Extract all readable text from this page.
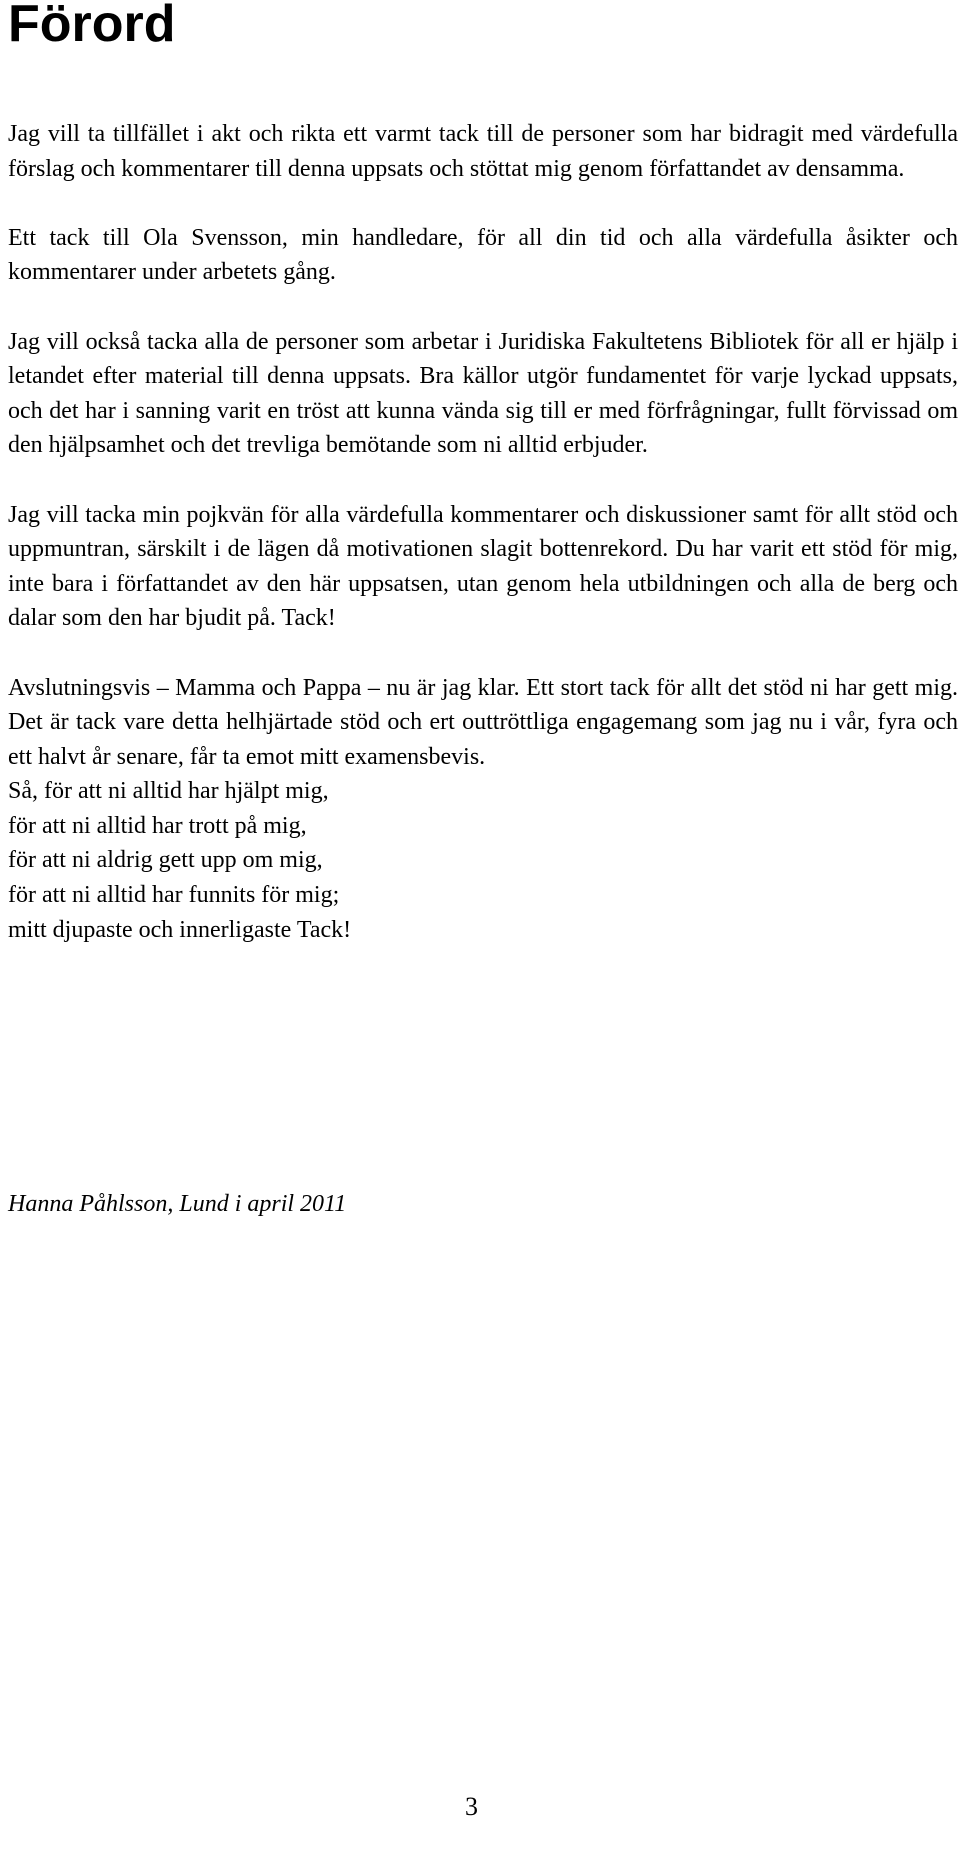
Förord

Jag vill ta tillfället i akt och rikta ett varmt tack till de personer som har bidragit med värdefulla förslag och kommentarer till denna uppsats och stöttat mig genom författandet av densamma.

Ett tack till Ola Svensson, min handledare, för all din tid och alla värdefulla åsikter och kommentarer under arbetets gång.

Jag vill också tacka alla de personer som arbetar i Juridiska Fakultetens Bibliotek för all er hjälp i letandet efter material till denna uppsats. Bra källor utgör fundamentet för varje lyckad uppsats, och det har i sanning varit en tröst att kunna vända sig till er med förfrågningar, fullt förvissad om den hjälpsamhet och det trevliga bemötande som ni alltid erbjuder.

Jag vill tacka min pojkvän för alla värdefulla kommentarer och diskussioner samt för allt stöd och uppmuntran, särskilt i de lägen då motivationen slagit bottenrekord. Du har varit ett stöd för mig, inte bara i författandet av den här uppsatsen, utan genom hela utbildningen och alla de berg och dalar som den har bjudit på. Tack!

Avslutningsvis – Mamma och Pappa – nu är jag klar. Ett stort tack för allt det stöd ni har gett mig. Det är tack vare detta helhjärtade stöd och ert outtröttliga engagemang som jag nu i vår, fyra och ett halvt år senare, får ta emot mitt examensbevis.

Så, för att ni alltid har hjälpt mig,
för att ni alltid har trott på mig,
för att ni aldrig gett upp om mig,
för att ni alltid har funnits för mig;
mitt djupaste och innerligaste Tack!

Hanna Påhlsson, Lund i april 2011

3
